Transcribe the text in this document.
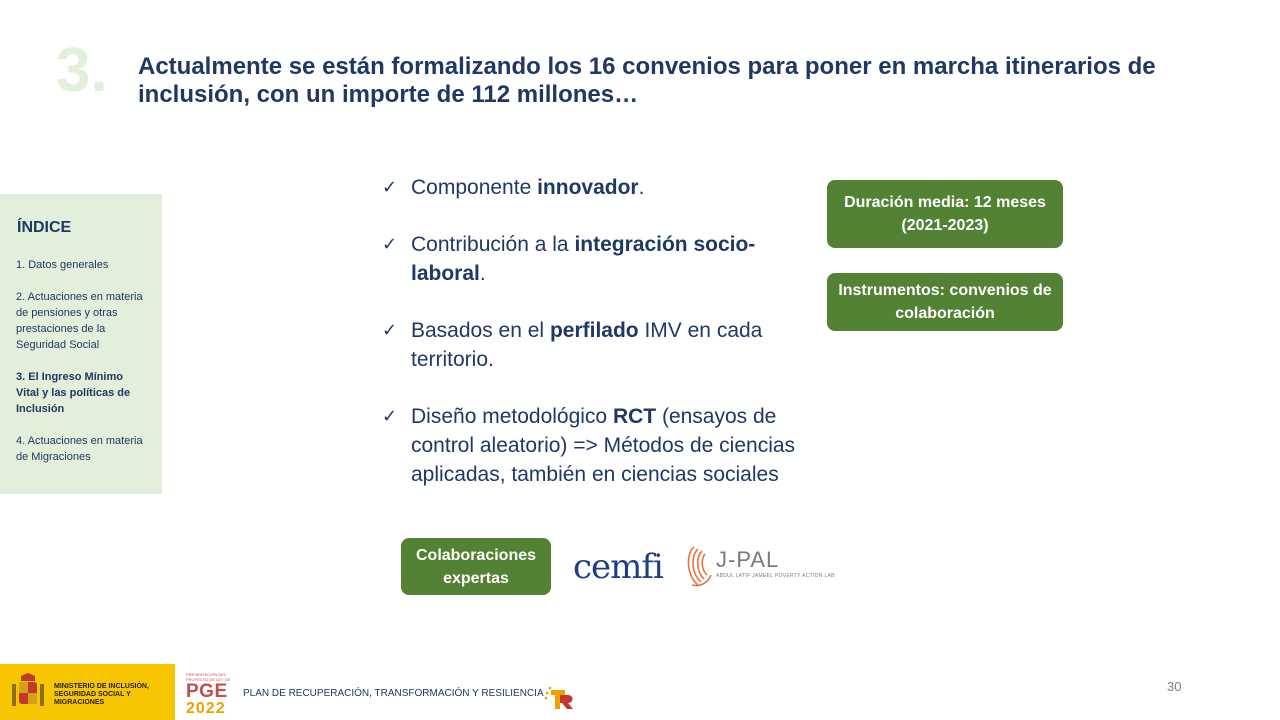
3. Actualmente se están formalizando los 16 convenios para poner en marcha itinerarios de inclusión, con un importe de 112 millones…
ÍNDICE
1. Datos generales
2. Actuaciones en materia de pensiones y otras prestaciones de la Seguridad Social
3. El Ingreso Mínimo Vital y las políticas de Inclusión
4. Actuaciones en materia de Migraciones
✓ Componente innovador.
✓ Contribución a la integración socio-laboral.
✓ Basados en el perfilado IMV en cada territorio.
✓ Diseño metodológico RCT (ensayos de control aleatorio) => Métodos de ciencias aplicadas, también en ciencias sociales
Duración media: 12 meses (2021-2023)
Instrumentos: convenios de colaboración
Colaboraciones expertas	cemfi J-PAL
ABDUL LATIF JAMEEL POVERTY ACTION LAB
MINISTERIO DE INCLUSIÓN, SEGURIDAD SOCIAL Y MIGRACIONES
PRESENTACIÓN DEL PROYECTO DE LEY DE
PGE
2022
PLAN DE RECUPERACIÓN, TRANSFORMACIÓN Y RESILIENCIA	30
